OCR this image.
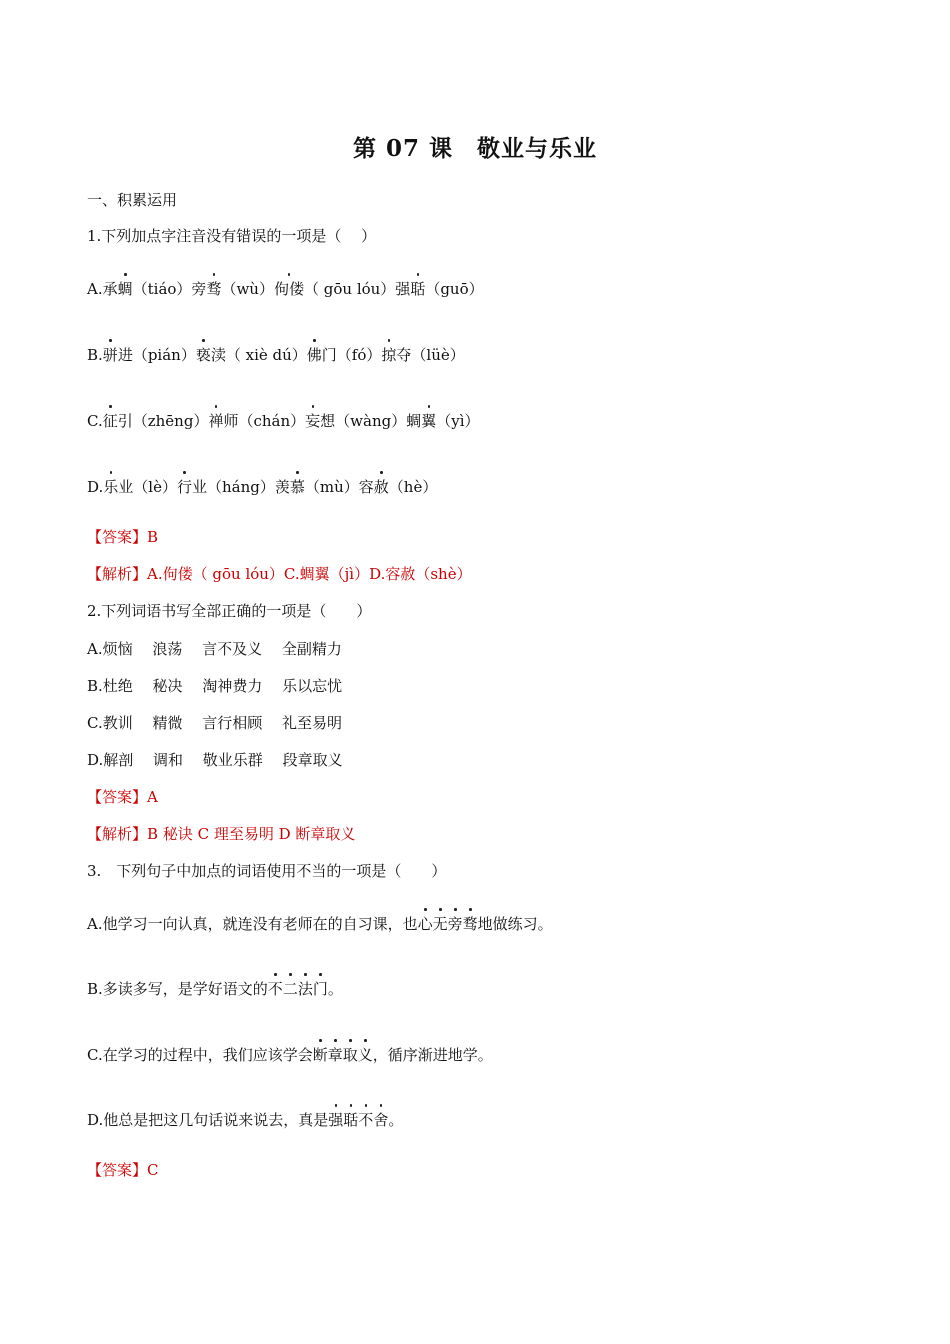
第 07 课　敬业与乐业
一、积累运用
1.下列加点字注音没有错误的一项是（　 ）
A.承蜩（tiáo）旁骛（wù）佝偻（ gōu lóu）强聒（guō）
B.骈进（pián）亵渎（ xiè dú）佛门（fó）掠夺（lüè）
C.征引（zhēng）禅师（chán）妄想（wàng）蜩翼（yì）
D.乐业（lè）行业（háng）羡慕（mù）容赦（hè）
【答案】B
【解析】A.佝偻（ gōu lóu）C.蜩翼（jì）D.容赦（shè）
2.下列词语书写全部正确的一项是（　　）
A.烦恼　 浪荡　 言不及义　 全副精力
B.杜绝　 秘决　 淘神费力　 乐以忘忧
C.教训　 精微　 言行相顾　 礼至易明
D.解剖　 调和　 敬业乐群　 段章取义
【答案】A
【解析】B 秘诀 C 理至易明 D 断章取义
3.　下列句子中加点的词语使用不当的一项是（　　）
A.他学习一向认真，就连没有老师在的自习课，也心无旁骛地做练习。
B.多读多写，是学好语文的不二法门。
C.在学习的过程中，我们应该学会断章取义，循序渐进地学。
D.他总是把这几句话说来说去，真是强聒不舍。
【答案】C
